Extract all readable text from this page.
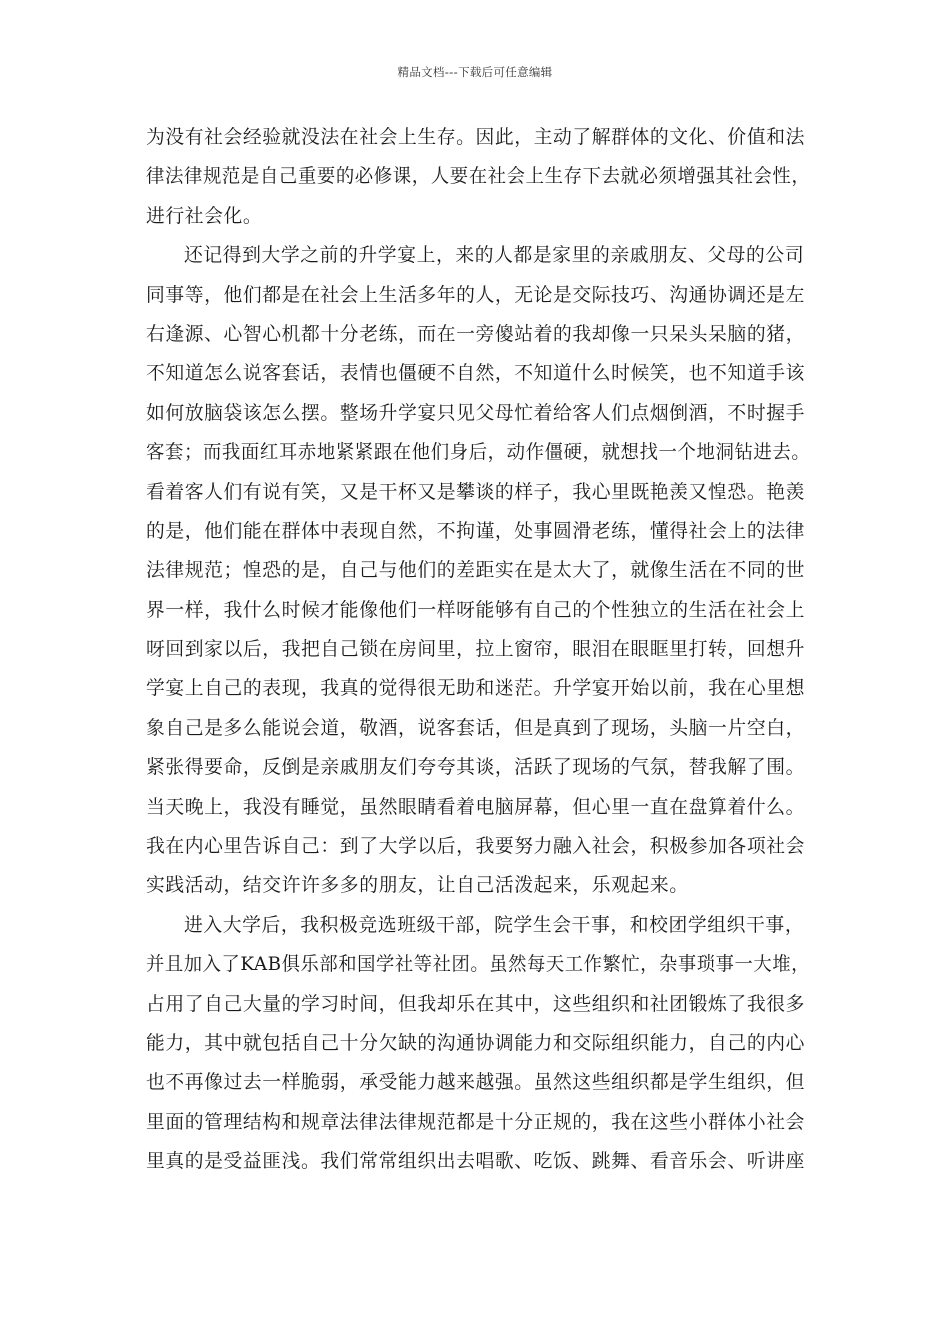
精品文档---下载后可任意编辑
为没有社会经验就没法在社会上生存。因此，主动了解群体的文化、价值和法
律法律规范是自己重要的必修课，人要在社会上生存下去就必须增强其社会性，
进行社会化。
还记得到大学之前的升学宴上，来的人都是家里的亲戚朋友、父母的公司
同事等，他们都是在社会上生活多年的人，无论是交际技巧、沟通协调还是左
右逢源、心智心机都十分老练，而在一旁傻站着的我却像一只呆头呆脑的猪，
不知道怎么说客套话，表情也僵硬不自然，不知道什么时候笑，也不知道手该
如何放脑袋该怎么摆。整场升学宴只见父母忙着给客人们点烟倒酒，不时握手
客套；而我面红耳赤地紧紧跟在他们身后，动作僵硬，就想找一个地洞钻进去。
看着客人们有说有笑，又是干杯又是攀谈的样子，我心里既艳羡又惶恐。艳羡
的是，他们能在群体中表现自然，不拘谨，处事圆滑老练，懂得社会上的法律
法律规范；惶恐的是，自己与他们的差距实在是太大了，就像生活在不同的世
界一样，我什么时候才能像他们一样呀能够有自己的个性独立的生活在社会上
呀回到家以后，我把自己锁在房间里，拉上窗帘，眼泪在眼眶里打转，回想升
学宴上自己的表现，我真的觉得很无助和迷茫。升学宴开始以前，我在心里想
象自己是多么能说会道，敬酒，说客套话，但是真到了现场，头脑一片空白，
紧张得要命，反倒是亲戚朋友们夸夸其谈，活跃了现场的气氛，替我解了围。
当天晚上，我没有睡觉，虽然眼睛看着电脑屏幕，但心里一直在盘算着什么。
我在内心里告诉自己：到了大学以后，我要努力融入社会，积极参加各项社会
实践活动，结交许许多多的朋友，让自己活泼起来，乐观起来。
进入大学后，我积极竞选班级干部，院学生会干事，和校团学组织干事，
并且加入了KAB俱乐部和国学社等社团。虽然每天工作繁忙，杂事琐事一大堆，
占用了自己大量的学习时间，但我却乐在其中，这些组织和社团锻炼了我很多
能力，其中就包括自己十分欠缺的沟通协调能力和交际组织能力，自己的内心
也不再像过去一样脆弱，承受能力越来越强。虽然这些组织都是学生组织，但
里面的管理结构和规章法律法律规范都是十分正规的，我在这些小群体小社会
里真的是受益匪浅。我们常常组织出去唱歌、吃饭、跳舞、看音乐会、听讲座
